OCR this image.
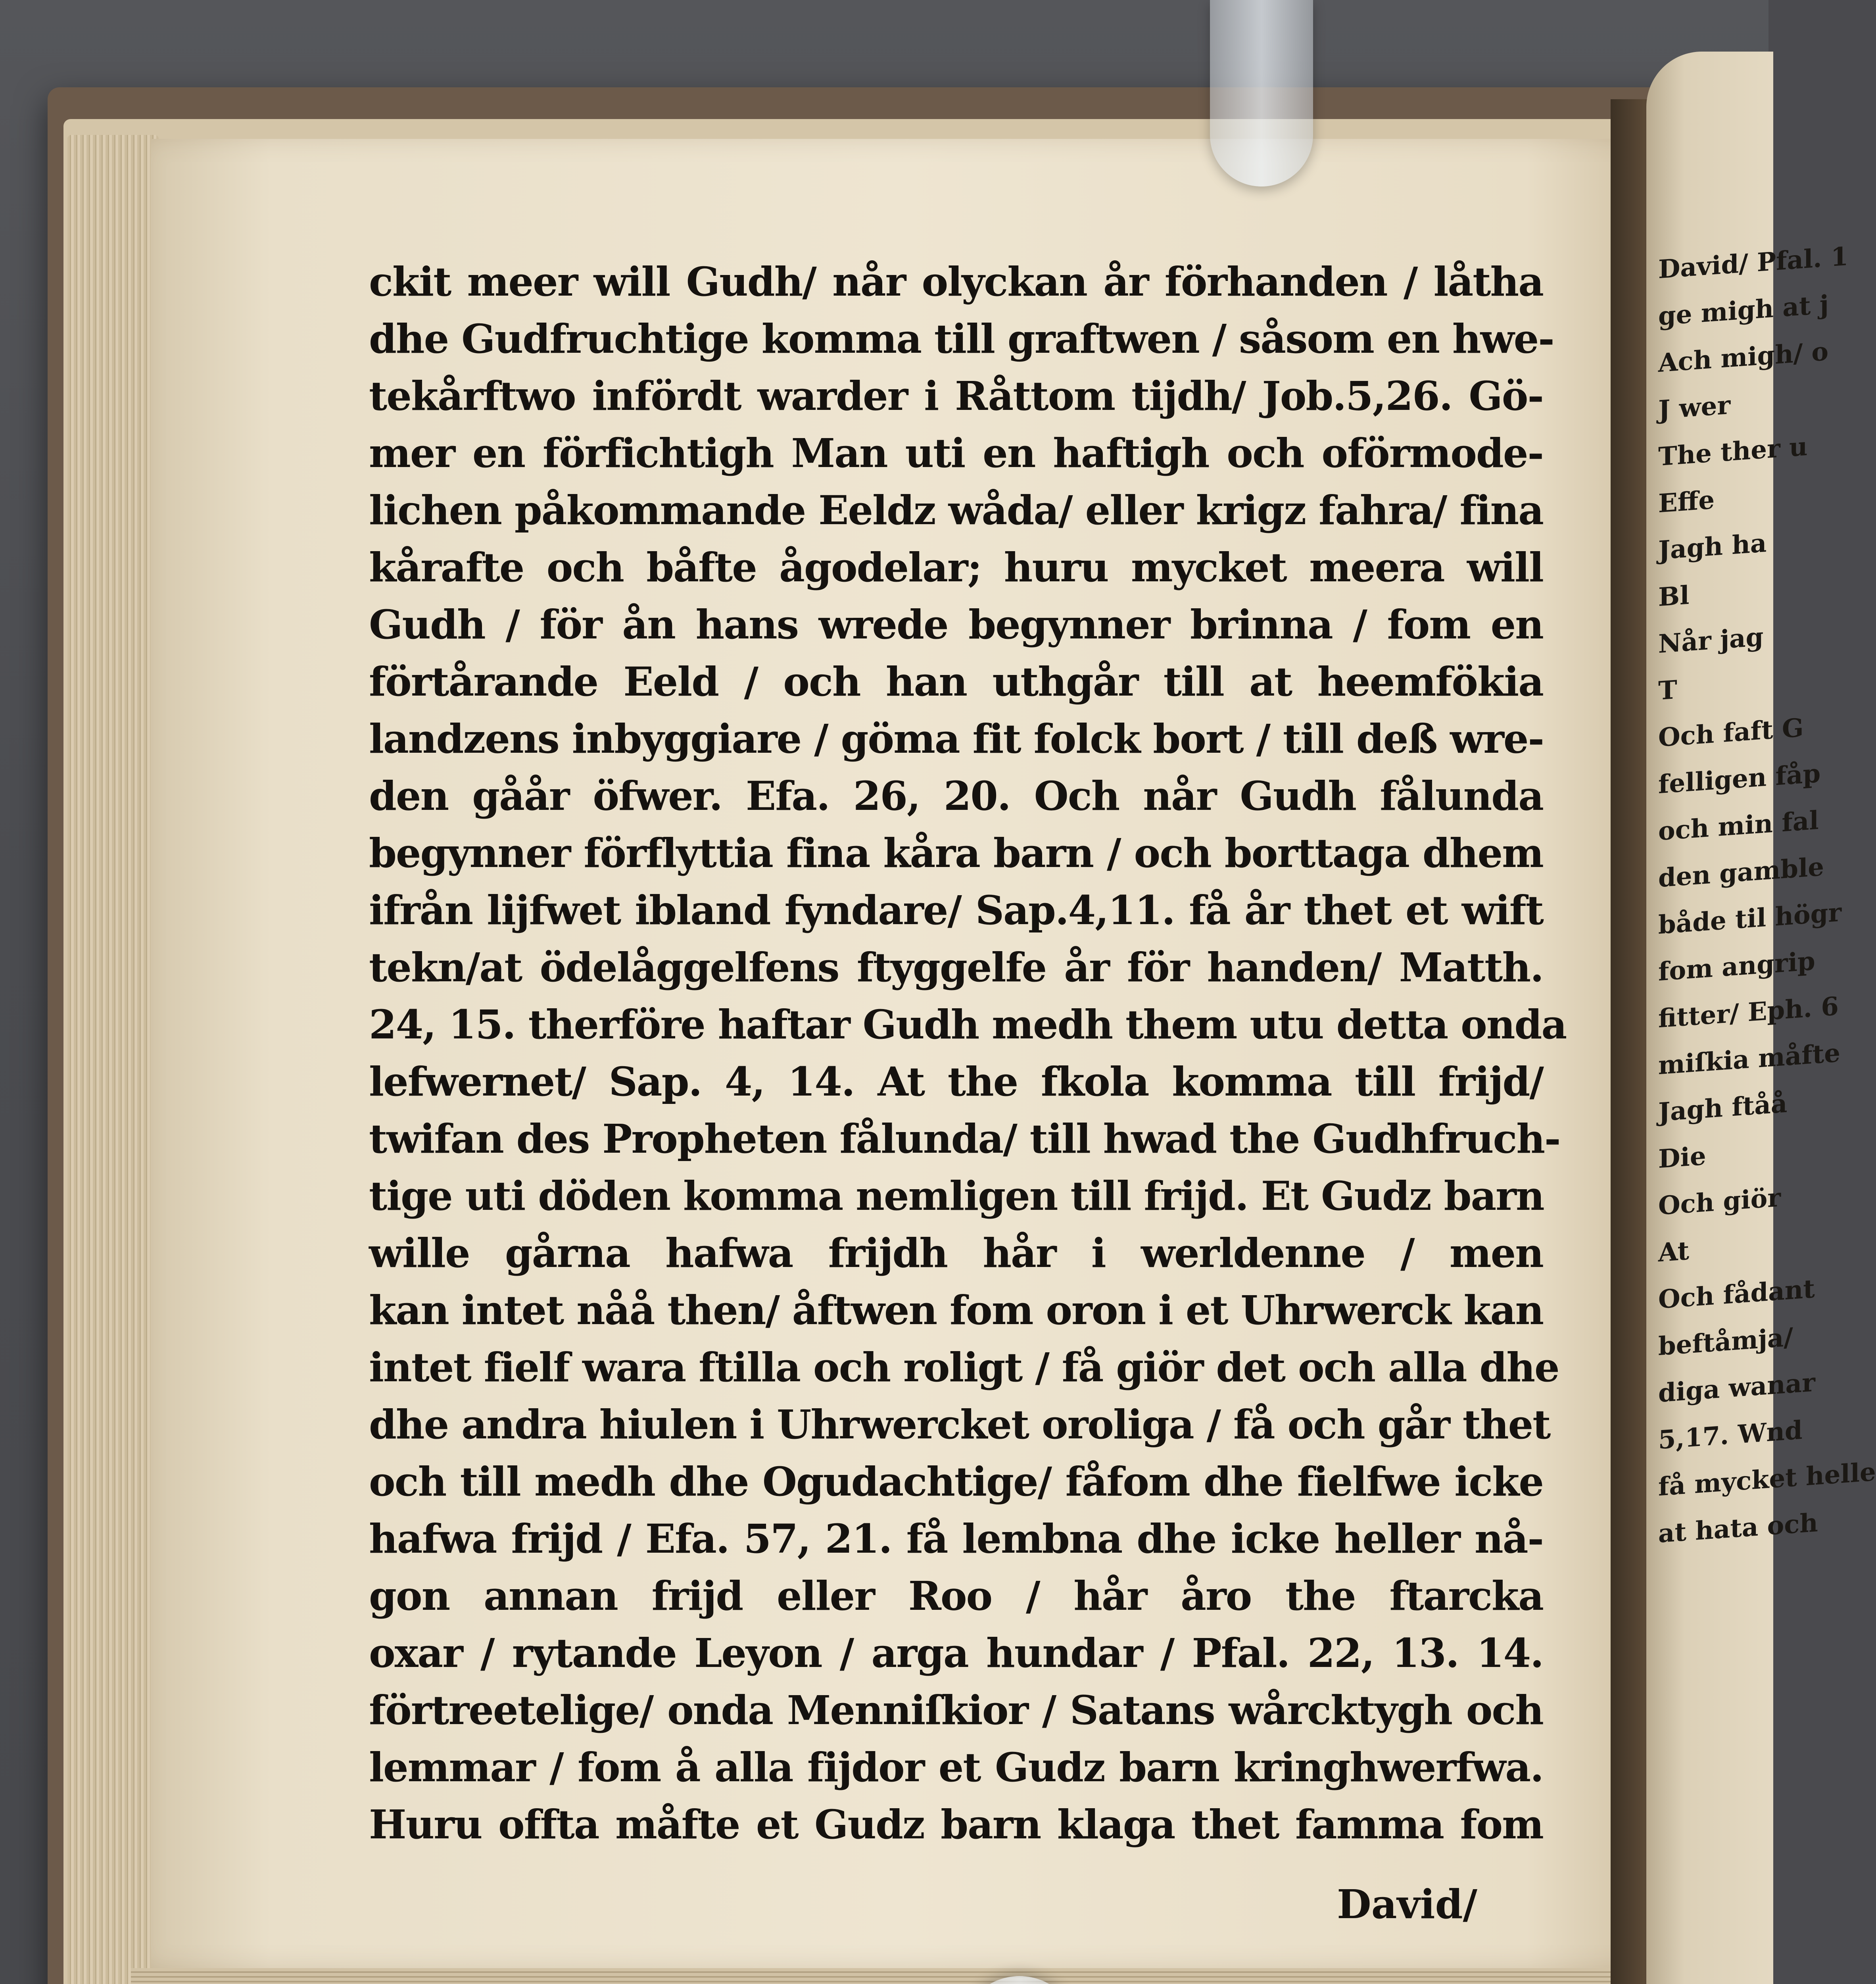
ckit meer will Gudh/ når olyckan år förhanden / låtha
dhe Gudfruchtige komma till graftwen / såsom en hwe-
tekårftwo infördt warder i Råttom tijdh/ Job.5,26. Gö-
mer en förfichtigh Man uti en haftigh och oförmode-
lichen påkommande Eeldz wåda/ eller krigz fahra/ fina
kårafte och båfte ågodelar; huru mycket meera will
Gudh / för ån hans wrede begynner brinna / fom en
förtårande Eeld / och han uthgår till at heemfökia
landzens inbyggiare / göma fit folck bort / till deß wre-
den gåår öfwer. Efa. 26, 20. Och når Gudh fålunda
begynner förflyttia fina kåra barn / och borttaga dhem
ifrån lijfwet ibland fyndare/ Sap.4,11. få år thet et wift
tekn/at ödelåggelfens ftyggelfe år för handen/ Matth.
24, 15. therföre haftar Gudh medh them utu detta onda
lefwernet/ Sap. 4, 14. At the fkola komma till frijd/
twifan des Propheten fålunda/ till hwad the Gudhfruch-
tige uti döden komma nemligen till frijd. Et Gudz barn
wille gårna hafwa frijdh hår i werldenne / men
kan intet nåå then/ åftwen fom oron i et Uhrwerck kan
intet fielf wara ftilla och roligt / få giör det och alla dhe
dhe andra hiulen i Uhrwercket oroliga / få och går thet
och till medh dhe Ogudachtige/ fåfom dhe fielfwe icke
hafwa frijd / Efa. 57, 21. få lembna dhe icke heller nå-
gon annan frijd eller Roo / hår åro the ftarcka
oxar / rytande Leyon / arga hundar / Pfal. 22, 13. 14.
förtreetelige/ onda Menniſkior / Satans wårcktygh och
lemmar / fom å alla fijdor et Gudz barn kringhwerfwa.
Huru offta måfte et Gudz barn klaga thet famma fom
David/
David/ Pfal. 1
ge migh at j
Ach migh/ o
J wer
The ther u
Effe
Jagh ha
Bl
Når jag
T
Och faft G
felligen fåp
och min fal
den gamble
både til högr
fom angrip
fitter/ Eph. 6
miſkia måfte
Jagh ftåå
Die
Och giör
At
Och fådant
beftåmja/
diga wanar
5,17. Wnd
få mycket helle
at hata och
